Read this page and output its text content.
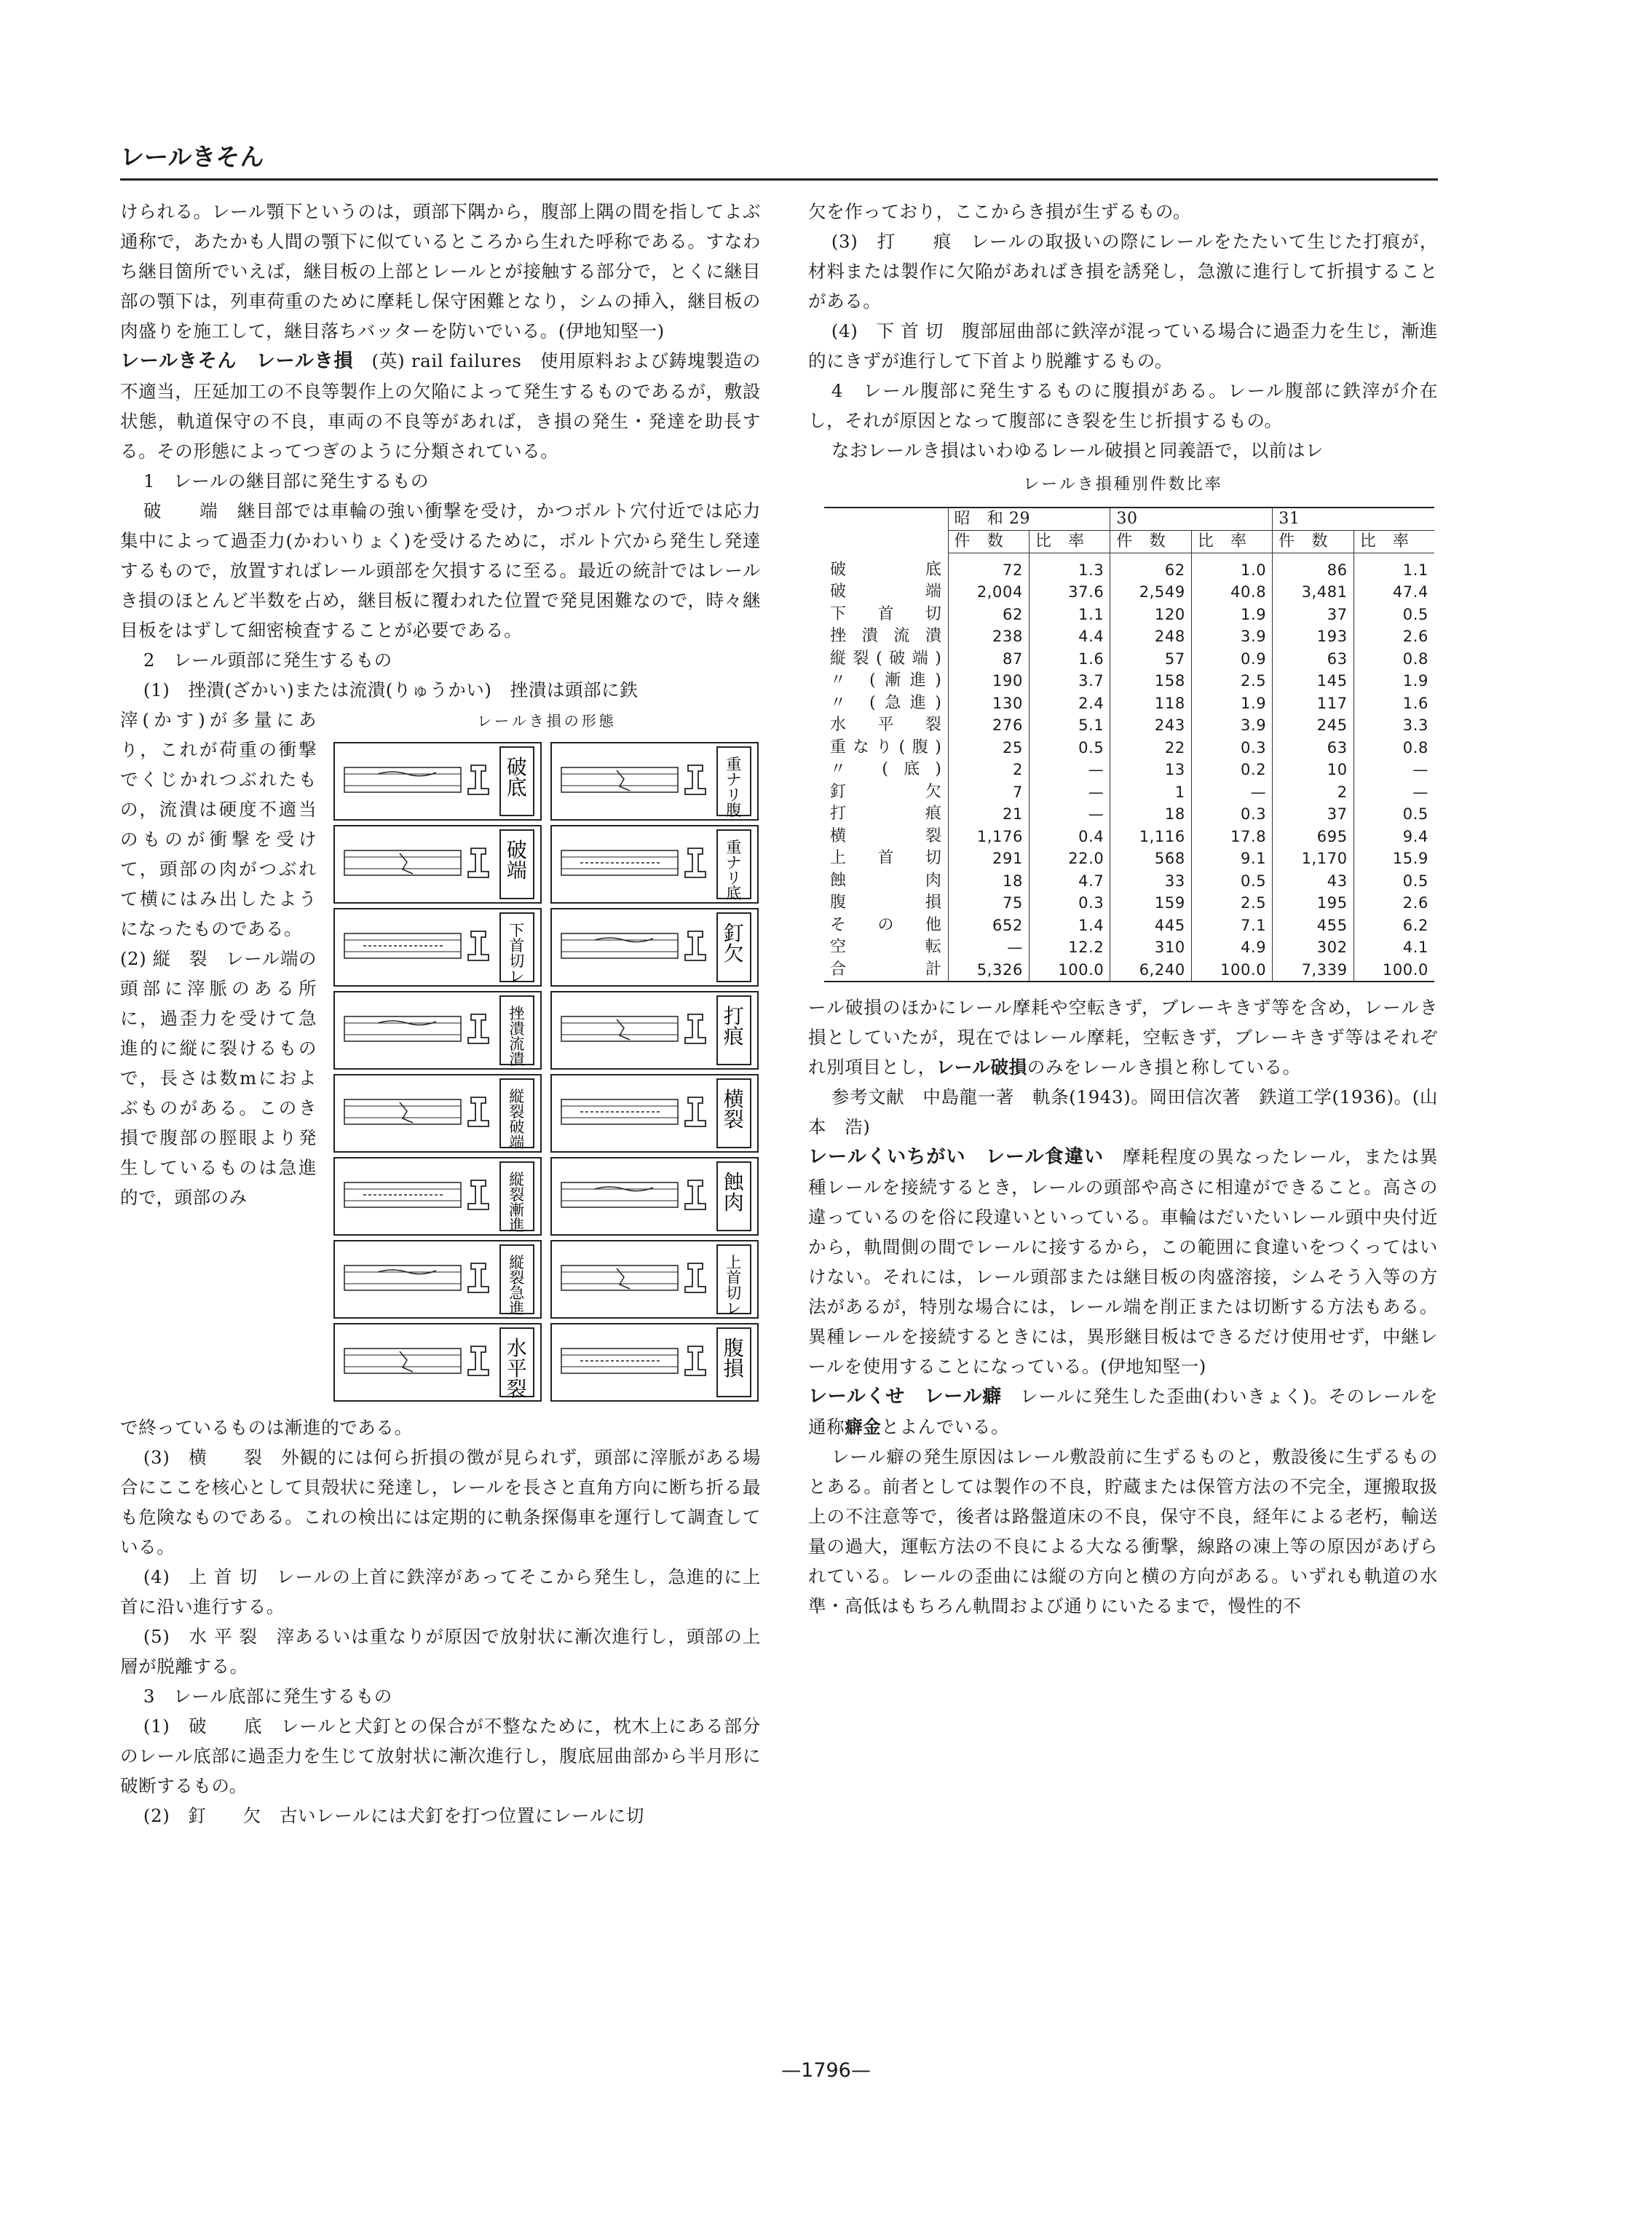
レールきそん

けられる。レール顎下というのは，頭部下隅から，腹部上隅の間を指してよぶ通称で，あたかも人間の顎下に似ているところから生れた呼称である。すなわち継目箇所でいえば，継目板の上部とレールとが接触する部分で，とくに継目部の顎下は，列車荷重のために摩耗し保守困難となり，シムの挿入，継目板の肉盛りを施工して，継目落ちバッターを防いでいる。(伊地知堅一)

レールきそん　レールき損　 (英) rail failures　使用原料および鋳塊製造の不適当，圧延加工の不良等製作上の欠陥によって発生するものであるが，敷設状態，軌道保守の不良，車両の不良等があれば，き損の発生・発達を助長する。その形態によってつぎのように分類されている。

1　レールの継目部に発生するもの

破　　端　継目部では車輪の強い衝撃を受け，かつボルト穴付近では応力集中によって過歪力(かわいりょく)を受けるために，ボルト穴から発生し発達するもので，放置すればレール頭部を欠損するに至る。最近の統計ではレールき損のほとんど半数を占め，継目板に覆われた位置で発見困難なので，時々継目板をはずして細密検査することが必要である。

2　レール頭部に発生するもの

(1)　挫潰(ざかい)または流潰(りゅうかい)　挫潰は頭部に鉄

滓(かす)が多量にあり，これが荷重の衝撃でくじかれつぶれたもの，流潰は硬度不適当のものが衝撃を受けて，頭部の肉がつぶれて横にはみ出したようになったものである。
(2) 縦　裂　レール端の頭部に滓脈のある所に，過歪力を受けて急進的に縦に裂けるもので，長さは数mにおよぶものがある。このき損で腹部の脛眼より発生しているものは急進的で，頭部のみ
レールき損の形態
破底
破端
下首切レ
挫潰流潰
縦裂破端
縦裂漸進
縦裂急進
水平裂
重ナリ腹
重ナリ底
釘欠
打痕
横裂
蝕肉
上首切レ
腹損

で終っているものは漸進的である。

(3)　横　　裂　外観的には何ら折損の徴が見られず，頭部に滓脈がある場合にここを核心として貝殻状に発達し，レールを長さと直角方向に断ち折る最も危険なものである。これの検出には定期的に軌条探傷車を運行して調査している。

(4)　上 首 切　レールの上首に鉄滓があってそこから発生し，急進的に上首に沿い進行する。

(5)　水 平 裂　滓あるいは重なりが原因で放射状に漸次進行し，頭部の上層が脱離する。

3　レール底部に発生するもの

(1)　破　　底　レールと犬釘との保合が不整なために，枕木上にある部分のレール底部に過歪力を生じて放射状に漸次進行し，腹底屈曲部から半月形に破断するもの。

(2)　釘　　欠　古いレールには犬釘を打つ位置にレールに切

欠を作っており，ここからき損が生ずるもの。

(3)　打　　痕　レールの取扱いの際にレールをたたいて生じた打痕が，材料または製作に欠陥があればき損を誘発し，急激に進行して折損することがある。

(4)　下 首 切　腹部屈曲部に鉄滓が混っている場合に過歪力を生じ，漸進的にきずが進行して下首より脱離するもの。

4　レール腹部に発生するものに腹損がある。レール腹部に鉄滓が介在し，それが原因となって腹部にき裂を生じ折損するもの。

なおレールき損はいわゆるレール破損と同義語で，以前はレ

レールき損種別件数比率
	昭　和 29		30		31	
	件　数	比　率	件　数	比　率	件　数	比　率
破底	72	1.3	62	1.0	86	1.1
破端	2,004	37.6	2,549	40.8	3,481	47.4
下首切	62	1.1	120	1.9	37	0.5
挫潰流潰	238	4.4	248	3.9	193	2.6
縦裂(破端)	87	1.6	57	0.9	63	0.8
〃 (漸進)	190	3.7	158	2.5	145	1.9
〃 (急進)	130	2.4	118	1.9	117	1.6
水平裂	276	5.1	243	3.9	245	3.3
重なり(腹)	25	0.5	22	0.3	63	0.8
〃 (底)	2	—	13	0.2	10	—
釘欠	7	—	1	—	2	—
打痕	21	—	18	0.3	37	0.5
横裂	1,176	0.4	1,116	17.8	695	9.4
上首切	291	22.0	568	9.1	1,170	15.9
蝕肉	18	4.7	33	0.5	43	0.5
腹損	75	0.3	159	2.5	195	2.6
その他	652	1.4	445	7.1	455	6.2
空転	—	12.2	310	4.9	302	4.1
合計	5,326	100.0	6,240	100.0	7,339	100.0

ール破損のほかにレール摩耗や空転きず，ブレーキきず等を含め，レールき損としていたが，現在ではレール摩耗，空転きず，ブレーキきず等はそれぞれ別項目とし，レール破損のみをレールき損と称している。

参考文献　中島龍一著　軌条(1943)。岡田信次著　鉄道工学(1936)。(山本　浩)

レールくいちがい　レール食違い　 摩耗程度の異なったレール，または異種レールを接続するとき，レールの頭部や高さに相違ができること。高さの違っているのを俗に段違いといっている。車輪はだいたいレール頭中央付近から，軌間側の間でレールに接するから，この範囲に食違いをつくってはいけない。それには，レール頭部または継目板の肉盛溶接，シムそう入等の方法があるが，特別な場合には，レール端を削正または切断する方法もある。異種レールを接続するときには，異形継目板はできるだけ使用せず，中継レールを使用することになっている。(伊地知堅一)

レールくせ　レール癖　 レールに発生した歪曲(わいきょく)。そのレールを通称癖金とよんでいる。

レール癖の発生原因はレール敷設前に生ずるものと，敷設後に生ずるものとある。前者としては製作の不良，貯蔵または保管方法の不完全，運搬取扱上の不注意等で，後者は路盤道床の不良，保守不良，経年による老朽，輸送量の過大，運転方法の不良による大なる衝撃，線路の凍上等の原因があげられている。レールの歪曲には縦の方向と横の方向がある。いずれも軌道の水準・高低はもちろん軌間および通りにいたるまで，慢性的不

—1796—
